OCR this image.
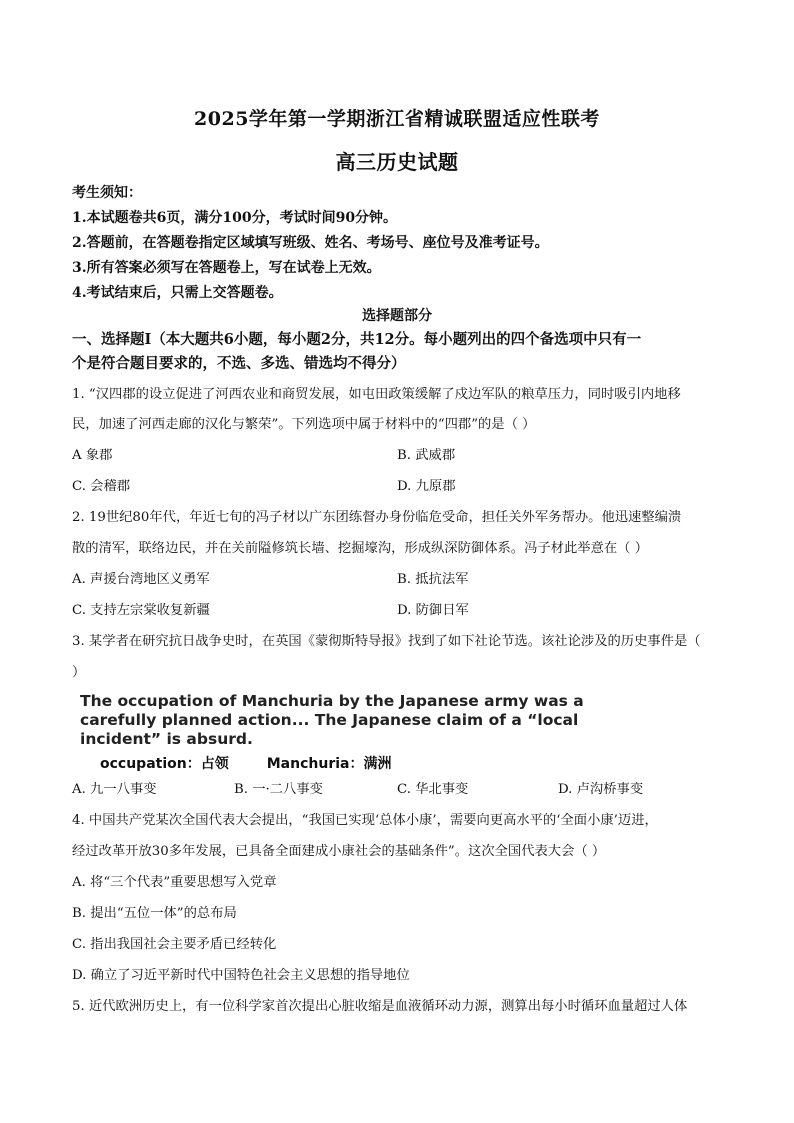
2025学年第一学期浙江省精诚联盟适应性联考
高三历史试题
考生须知：
1.本试题卷共6页，满分100分，考试时间90分钟。
2.答题前，在答题卷指定区域填写班级、姓名、考场号、座位号及准考证号。
3.所有答案必须写在答题卷上，写在试卷上无效。
4.考试结束后，只需上交答题卷。
选择题部分
一、选择题Ⅰ（本大题共6小题，每小题2分，共12分。每小题列出的四个备选项中只有一
个是符合题目要求的，不选、多选、错选均不得分）
1. “汉四郡的设立促进了河西农业和商贸发展，如屯田政策缓解了戍边军队的粮草压力，同时吸引内地移
民，加速了河西走廊的汉化与繁荣”。下列选项中属于材料中的“四郡”的是（ ）
A 象郡	B. 武威郡
C. 会稽郡	D. 九原郡
2. 19世纪80年代，年近七旬的冯子材以广东团练督办身份临危受命，担任关外军务帮办。他迅速整编溃
散的清军，联络边民，并在关前隘修筑长墙、挖掘壕沟，形成纵深防御体系。冯子材此举意在（ ）
A. 声援台湾地区义勇军	B. 抵抗法军
C. 支持左宗棠收复新疆	D. 防御日军
3. 某学者在研究抗日战争史时，在英国《蒙彻斯特导报》找到了如下社论节选。该社论涉及的历史事件是（
）
The occupation of Manchuria by the Japanese army was a
carefully planned action... The Japanese claim of a “local
incident” is absurd.
occupation：占领	Manchuria：满洲
A. 九一八事变	B. 一·二八事变	C. 华北事变	D. 卢沟桥事变
4. 中国共产党某次全国代表大会提出，“我国已实现‘总体小康’，需要向更高水平的‘全面小康’迈进，
经过改革开放30多年发展，已具备全面建成小康社会的基础条件”。这次全国代表大会（ ）
A. 将“三个代表”重要思想写入党章
B. 提出“五位一体”的总布局
C. 指出我国社会主要矛盾已经转化
D. 确立了习近平新时代中国特色社会主义思想的指导地位
5. 近代欧洲历史上，有一位科学家首次提出心脏收缩是血液循环动力源，测算出每小时循环血量超过人体
